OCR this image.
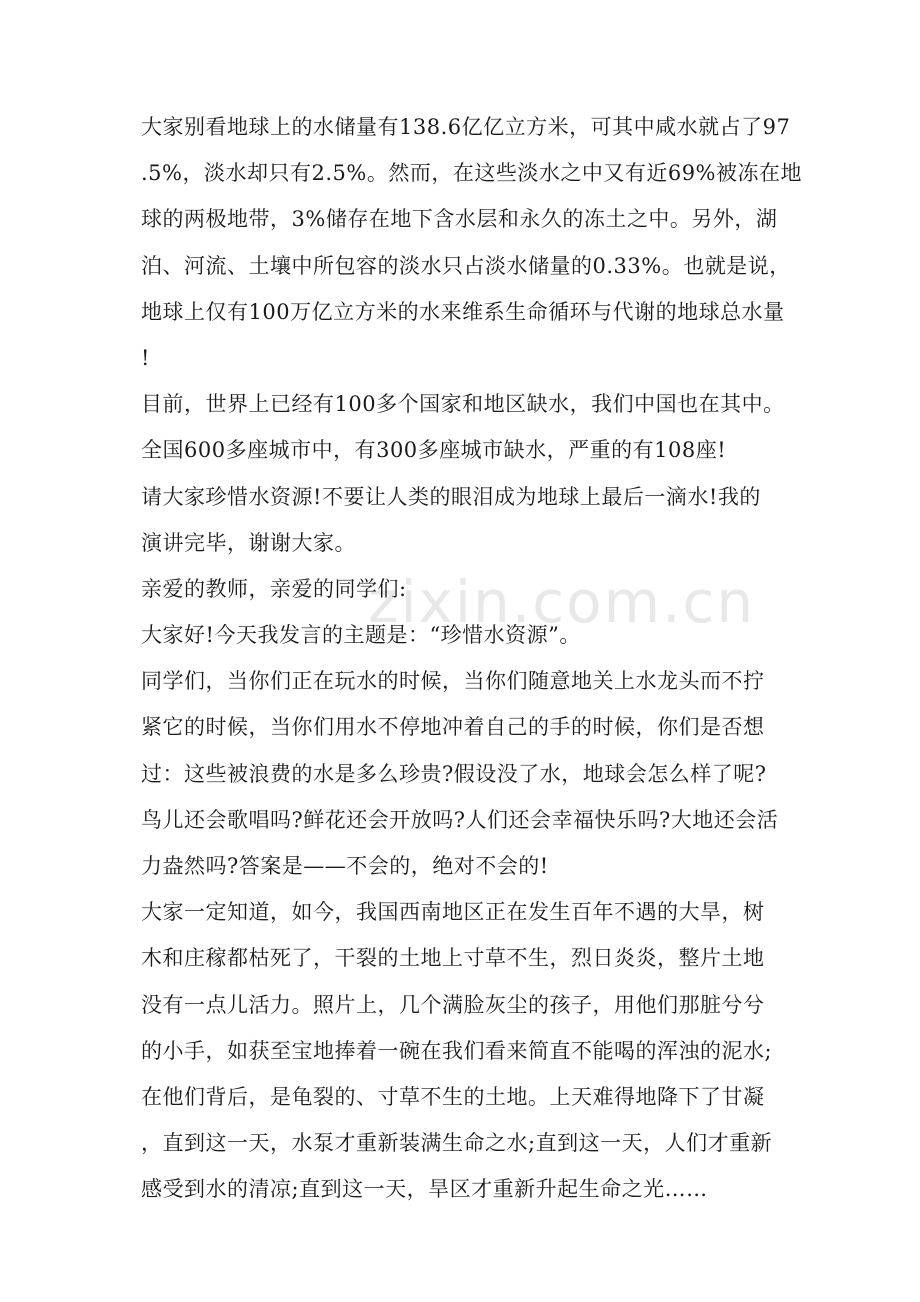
zixin.com.cn
大家别看地球上的水储量有138.6亿亿立方米，可其中咸水就占了97
.5%，淡水却只有2.5%。然而，在这些淡水之中又有近69%被冻在地
球的两极地带，3%储存在地下含水层和永久的冻土之中。另外，湖
泊、河流、土壤中所包容的淡水只占淡水储量的0.33%。也就是说，
地球上仅有100万亿立方米的水来维系生命循环与代谢的地球总水量
!
目前，世界上已经有100多个国家和地区缺水，我们中国也在其中。
全国600多座城市中，有300多座城市缺水，严重的有108座!
请大家珍惜水资源!不要让人类的眼泪成为地球上最后一滴水!我的
演讲完毕，谢谢大家。
亲爱的教师，亲爱的同学们:
大家好!今天我发言的主题是：“珍惜水资源”。
同学们，当你们正在玩水的时候，当你们随意地关上水龙头而不拧
紧它的时候，当你们用水不停地冲着自己的手的时候，你们是否想
过：这些被浪费的水是多么珍贵?假设没了水，地球会怎么样了呢?
鸟儿还会歌唱吗?鲜花还会开放吗?人们还会幸福快乐吗?大地还会活
力盎然吗?答案是——不会的，绝对不会的!
大家一定知道，如今，我国西南地区正在发生百年不遇的大旱，树
木和庄稼都枯死了，干裂的土地上寸草不生，烈日炎炎，整片土地
没有一点儿活力。照片上，几个满脸灰尘的孩子，用他们那脏兮兮
的小手，如获至宝地捧着一碗在我们看来简直不能喝的浑浊的泥水;
在他们背后，是龟裂的、寸草不生的土地。上天难得地降下了甘凝
，直到这一天，水泵才重新装满生命之水;直到这一天，人们才重新
感受到水的清凉;直到这一天，旱区才重新升起生命之光……
